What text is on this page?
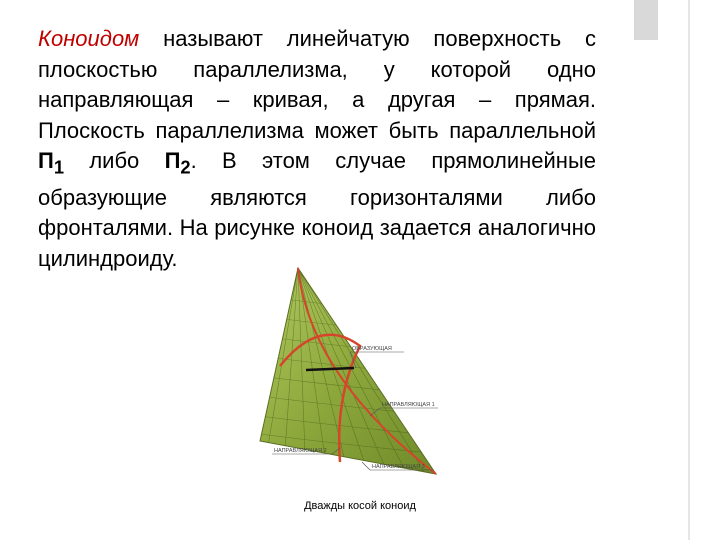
Коноидом называют линейчатую поверхность с плоскостью параллелизма, у которой одно направляющая – кривая, а другая – прямая. Плоскость параллелизма может быть параллельной $П_1$ либо $П_2$. В этом случае прямолинейные образующие являются горизонталями либо фронталями. На рисунке коноид задается аналогично цилиндроиду.
ОБРАЗУЮЩАЯ
НАПРАВЛЯЮЩАЯ 1
НАПРАВЛЯЮЩАЯ 2
НАПРАВЛЯЮЩАЯ 3
Дважды косой коноид
